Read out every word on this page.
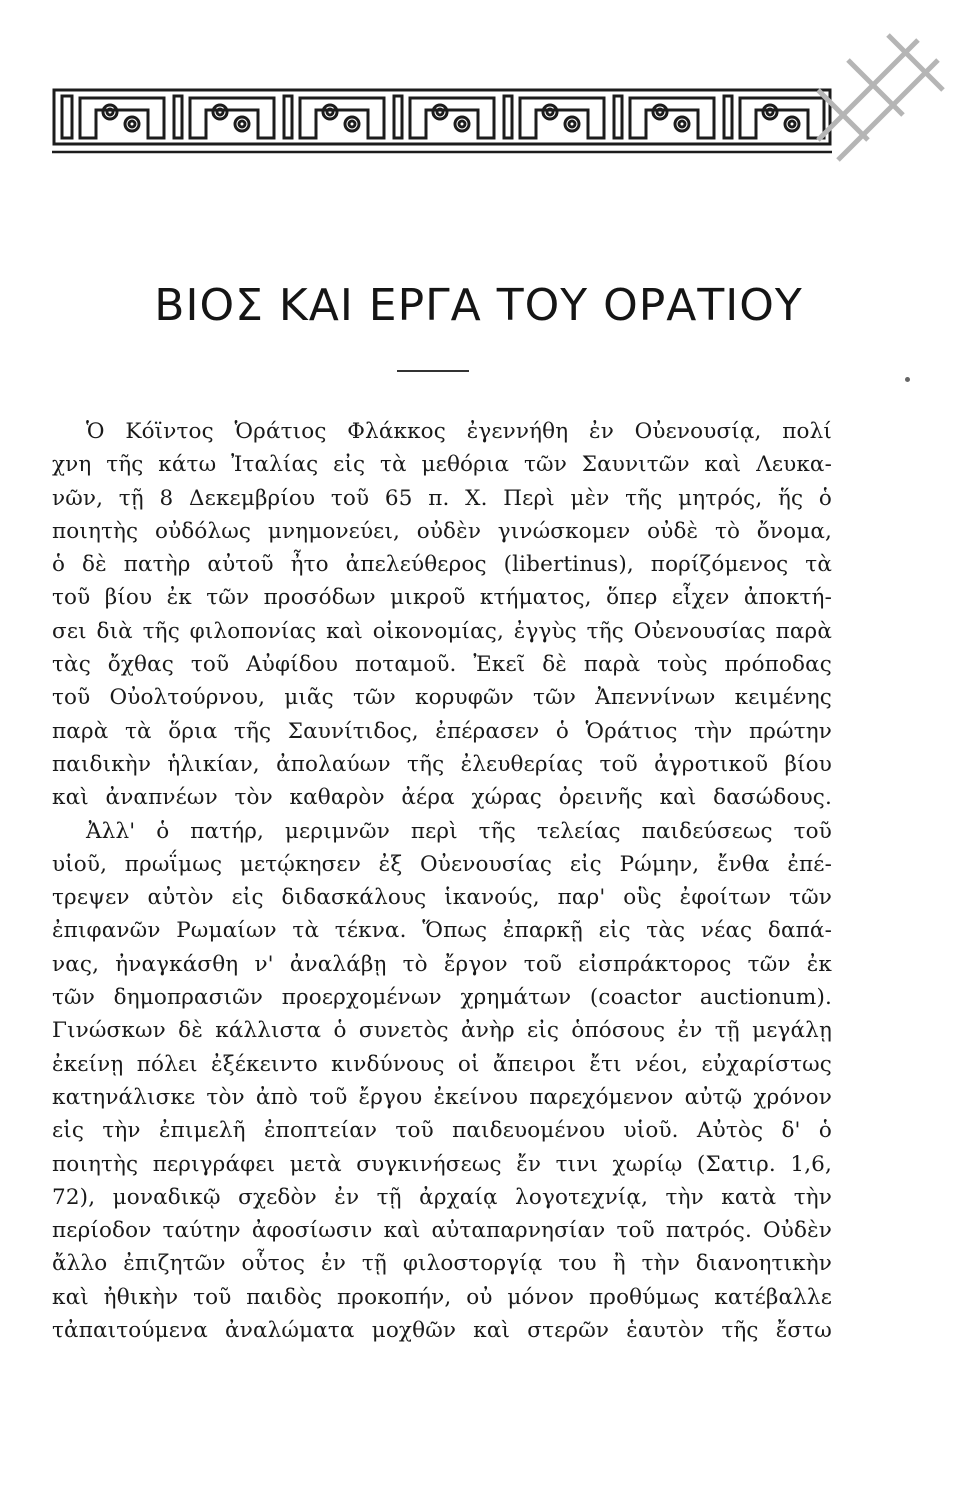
ΒΙΟΣ ΚΑΙ ΕΡΓΑ ΤΟΥ ΟΡΑΤΙΟΥ
Ὁ Κόϊντος Ὁράτιος Φλάκκος ἐγεννήθη ἐν Οὐενουσίᾳ, πολί
χνη τῆς κάτω Ἰταλίας εἰς τὰ μεθόρια τῶν Σαυνιτῶν καὶ Λευκα-
νῶν, τῇ 8 Δεκεμβρίου τοῦ 65 π. Χ. Περὶ μὲν τῆς μητρός, ἥς ὁ
ποιητὴς οὐδόλως μνημονεύει, οὐδὲν γινώσκομεν οὐδὲ τὸ ὄνομα,
ὁ δὲ πατὴρ αὐτοῦ ἦτο ἀπελεύθερος (libertinus), πορίζόμενος τὰ
τοῦ βίου ἐκ τῶν προσόδων μικροῦ κτήματος, ὅπερ εἶχεν ἀποκτή-
σει διὰ τῆς φιλοπονίας καὶ οἰκονομίας, ἐγγὺς τῆς Οὐενουσίας παρὰ
τὰς ὄχθας τοῦ Αὐφίδου ποταμοῦ. Ἐκεῖ δὲ παρὰ τοὺς πρόποδας
τοῦ Οὐολτούρνου, μιᾶς τῶν κορυφῶν τῶν Ἀπεννίνων κειμένης
παρὰ τὰ ὅρια τῆς Σαυνίτιδος, ἐπέρασεν ὁ Ὁράτιος τὴν πρώτην
παιδικὴν ἡλικίαν, ἀπολαύων τῆς ἐλευθερίας τοῦ ἀγροτικοῦ βίου
καὶ ἀναπνέων τὸν καθαρὸν ἀέρα χώρας ὀρεινῆς καὶ δασώδους.
Ἀλλ' ὁ πατήρ, μεριμνῶν περὶ τῆς τελείας παιδεύσεως τοῦ
υἱοῦ, πρωΐμως μετῴκησεν ἐξ Οὐενουσίας εἰς Ρώμην, ἔνθα ἐπέ-
τρεψεν αὐτὸν εἰς διδασκάλους ἱκανούς, παρ' οὓς ἐφοίτων τῶν
ἐπιφανῶν Ρωμαίων τὰ τέκνα. Ὅπως ἐπαρκῇ εἰς τὰς νέας δαπά-
νας, ἠναγκάσθη ν' ἀναλάβῃ τὸ ἔργον τοῦ εἰσπράκτορος τῶν ἐκ
τῶν δημοπρασιῶν προερχομένων χρημάτων (coactor auctionum).
Γινώσκων δὲ κάλλιστα ὁ συνετὸς ἀνὴρ εἰς ὁπόσους ἐν τῇ μεγάλῃ
ἐκείνῃ πόλει ἐξέκειντο κινδύνους οἱ ἄπειροι ἔτι νέοι, εὐχαρίστως
κατηνάλισκε τὸν ἀπὸ τοῦ ἔργου ἐκείνου παρεχόμενον αὐτῷ χρόνον
εἰς τὴν ἐπιμελῆ ἐποπτείαν τοῦ παιδευομένου υἱοῦ. Αὐτὸς δ' ὁ
ποιητὴς περιγράφει μετὰ συγκινήσεως ἔν τινι χωρίῳ (Σατιρ. 1,6,
72), μοναδικῷ σχεδὸν ἐν τῇ ἀρχαίᾳ λογοτεχνίᾳ, τὴν κατὰ τὴν
περίοδον ταύτην ἀφοσίωσιν καὶ αὐταπαρνησίαν τοῦ πατρός. Οὐδὲν
ἄλλο ἐπιζητῶν οὗτος ἐν τῇ φιλοστοργίᾳ του ἢ τὴν διανοητικὴν
καὶ ἠθικὴν τοῦ παιδὸς προκοπήν, οὐ μόνον προθύμως κατέβαλλε
τἀπαιτούμενα ἀναλώματα μοχθῶν καὶ στερῶν ἑαυτὸν τῆς ἔστω
